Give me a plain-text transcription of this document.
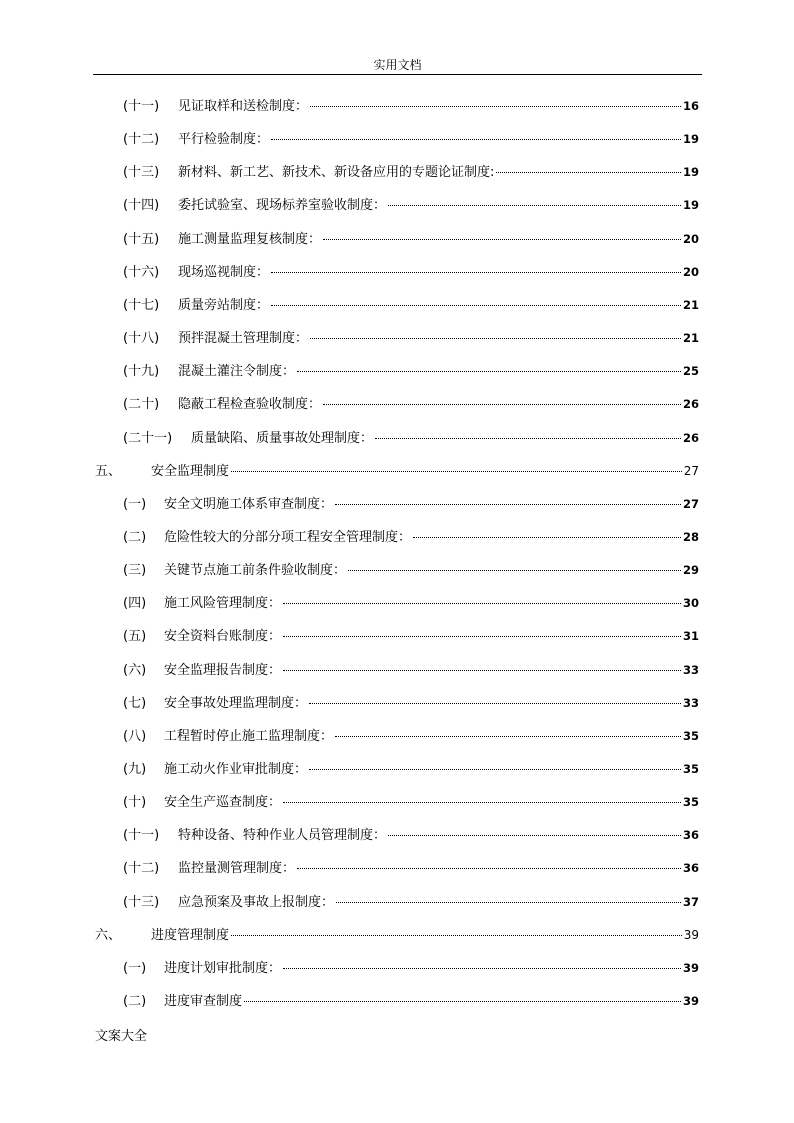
实用文档
(十一)	见证取样和送检制度：	16
(十二)	平行检验制度：	19
(十三)	新材料、新工艺、新技术、新设备应用的专题论证制度:	19
(十四)	委托试验室、现场标养室验收制度：	19
(十五)	施工测量监理复核制度：	20
(十六)	现场巡视制度：	20
(十七)	质量旁站制度：	21
(十八)	预拌混凝土管理制度：	21
(十九)	混凝土灌注令制度：	25
(二十)	隐蔽工程检查验收制度：	26
(二十一)	质量缺陷、质量事故处理制度：	26
五、	安全监理制度	27
(一)	安全文明施工体系审查制度：	27
(二)	危险性较大的分部分项工程安全管理制度：	28
(三)	关键节点施工前条件验收制度：	29
(四)	施工风险管理制度：	30
(五)	安全资料台账制度：	31
(六)	安全监理报告制度：	33
(七)	安全事故处理监理制度：	33
(八)	工程暂时停止施工监理制度：	35
(九)	施工动火作业审批制度：	35
(十)	安全生产巡查制度：	35
(十一)	特种设备、特种作业人员管理制度：	36
(十二)	监控量测管理制度：	36
(十三)	应急预案及事故上报制度：	37
六、	进度管理制度	39
(一)	进度计划审批制度：	39
(二)	进度审查制度	39
文案大全
